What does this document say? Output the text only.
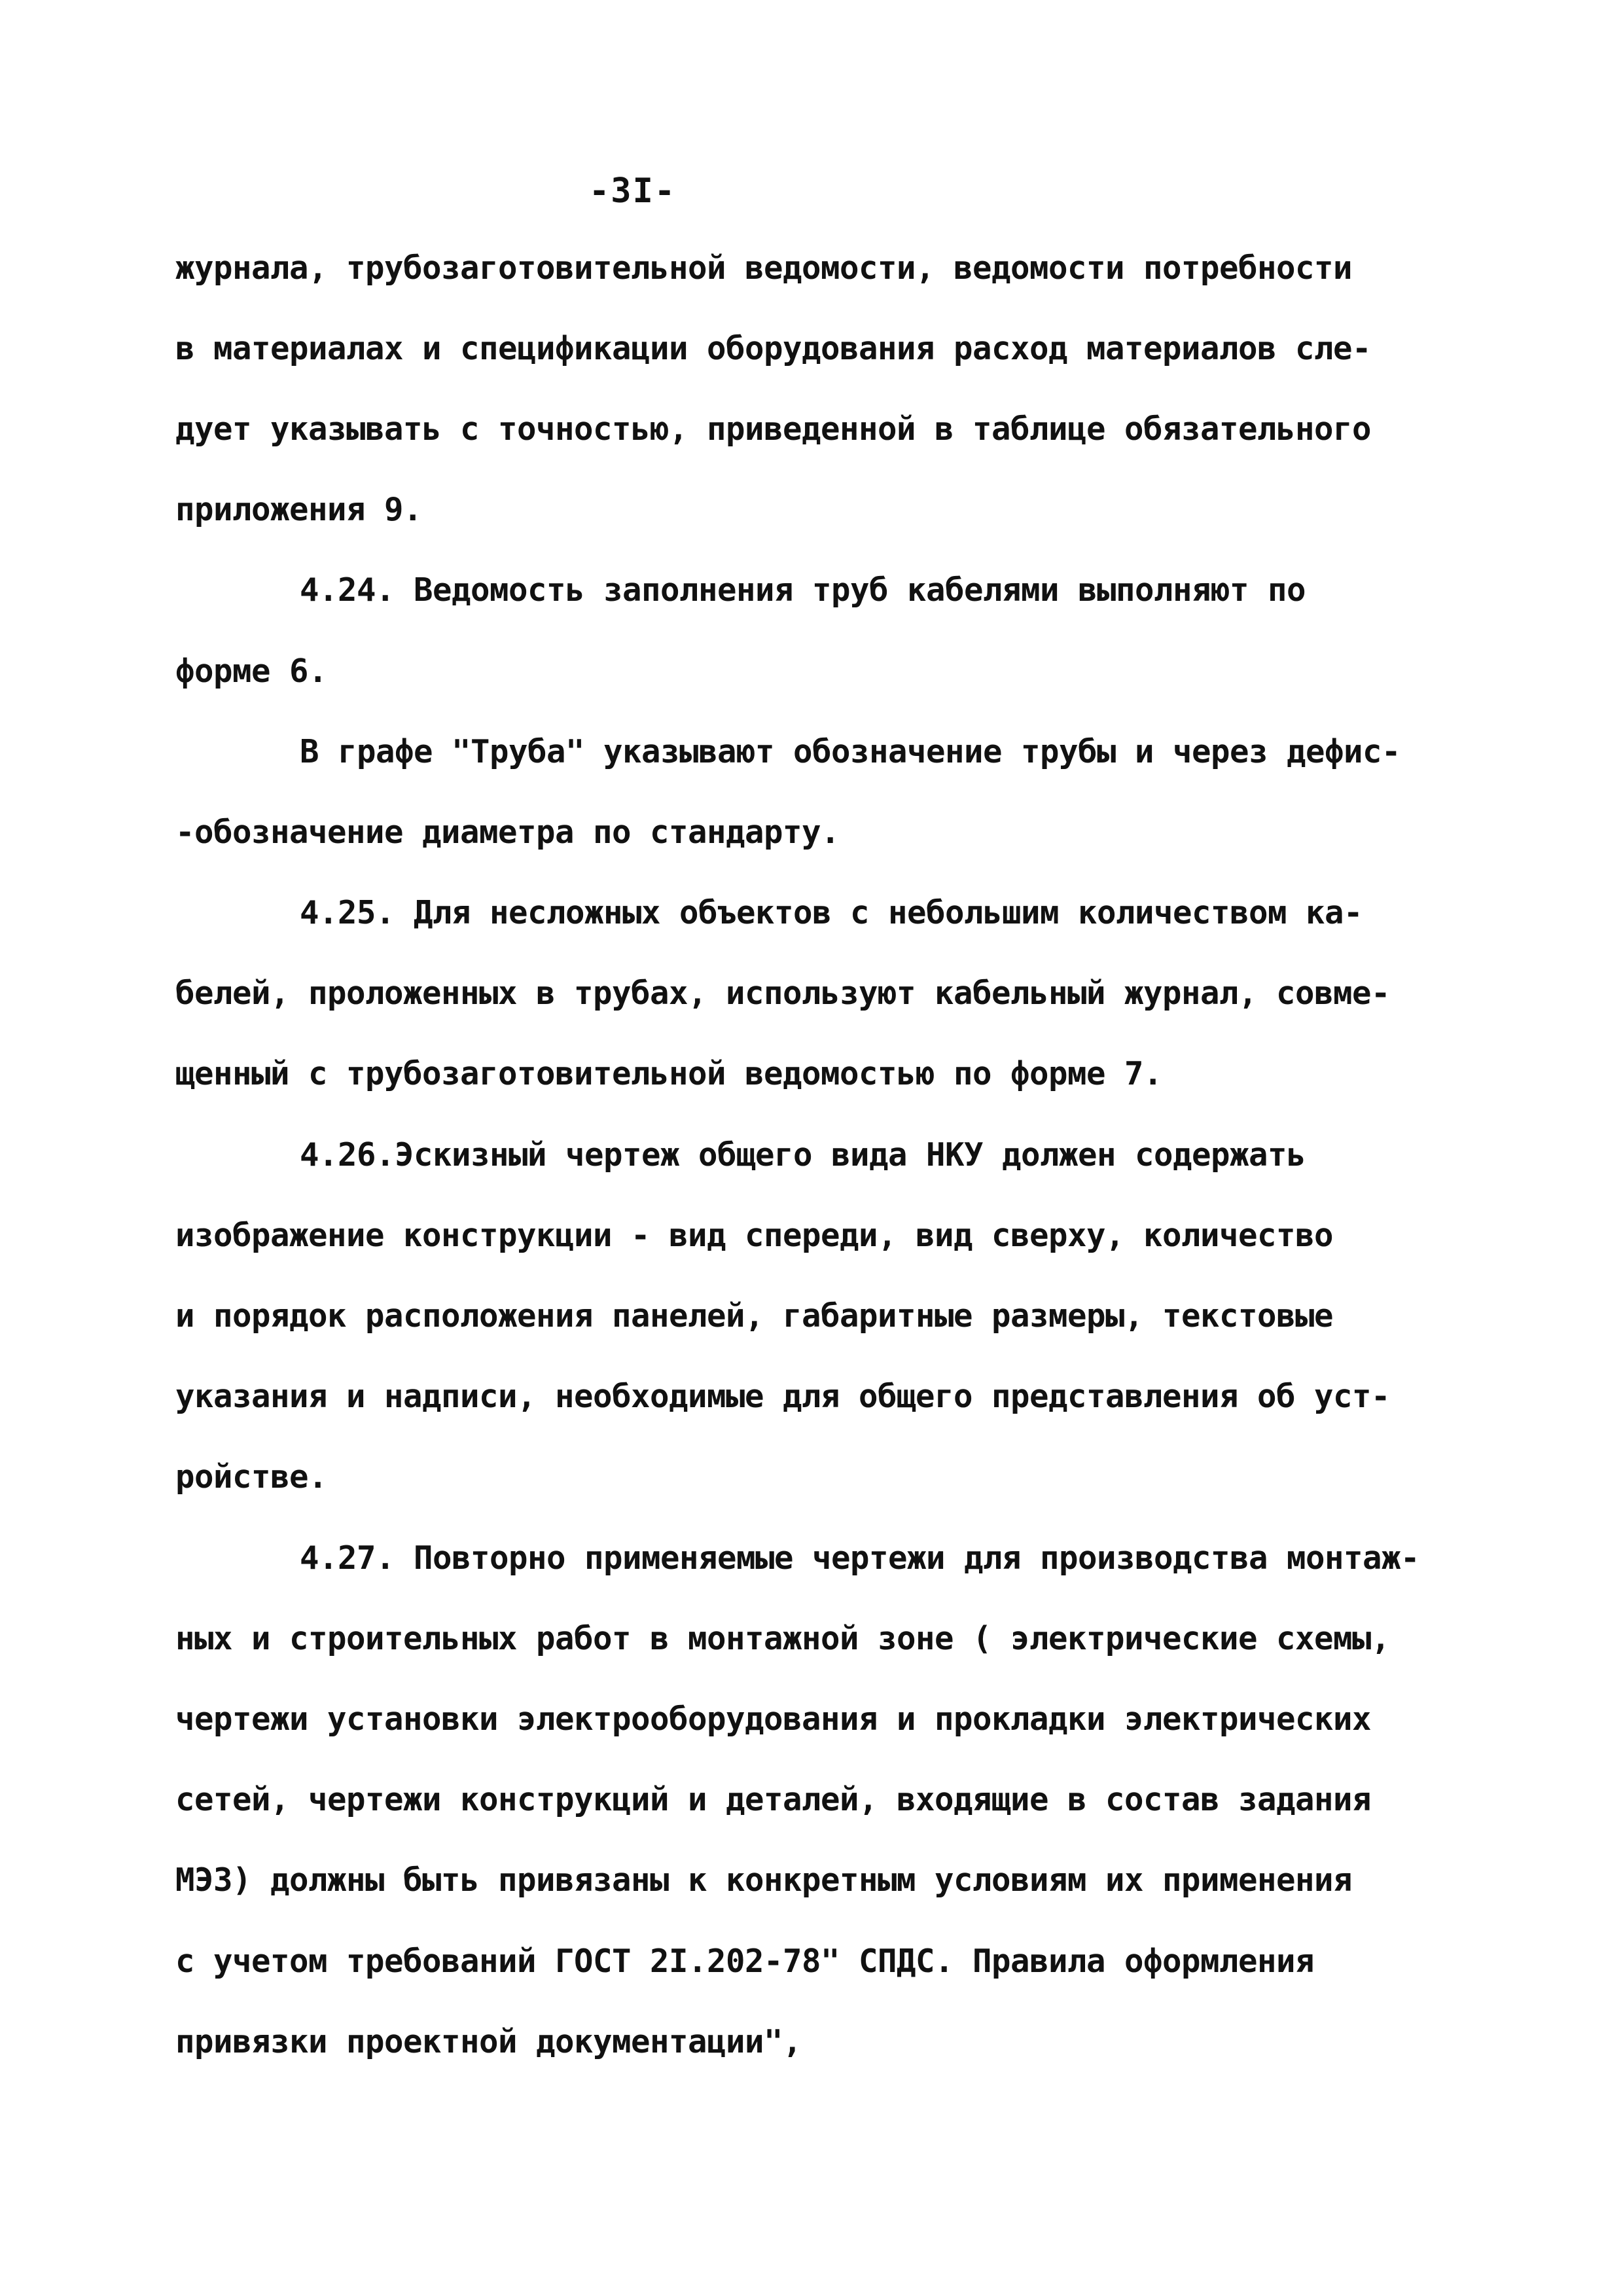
-3I-
журнала, трубозаготовительной ведомости, ведомости потребности
в материалах и спецификации оборудования расход материалов сле-
дует указывать с точностью, приведенной в таблице обязательного
приложения 9.
4.24. Ведомость заполнения труб кабелями выполняют по
форме 6.
В графе "Труба" указывают обозначение трубы и через дефис-
-обозначение диаметра по стандарту.
4.25. Для несложных объектов с небольшим количеством ка-
белей, проложенных в трубах, используют кабельный журнал, совме-
щенный с трубозаготовительной ведомостью по форме 7.
4.26.Эскизный чертеж общего вида НКУ должен содержать
изображение конструкции - вид спереди, вид сверху, количество
и порядок расположения панелей, габаритные размеры, текстовые
указания и надписи, необходимые для общего представления об уст-
ройстве.
4.27. Повторно применяемые чертежи для производства монтаж-
ных и строительных работ в монтажной зоне ( электрические схемы,
чертежи установки электрооборудования и прокладки электрических
сетей, чертежи конструкций и деталей, входящие в состав задания
МЭЗ) должны быть привязаны к конкретным условиям их применения
с учетом требований ГОСТ 2I.202-78" СПДС. Правила оформления
привязки проектной документации",
